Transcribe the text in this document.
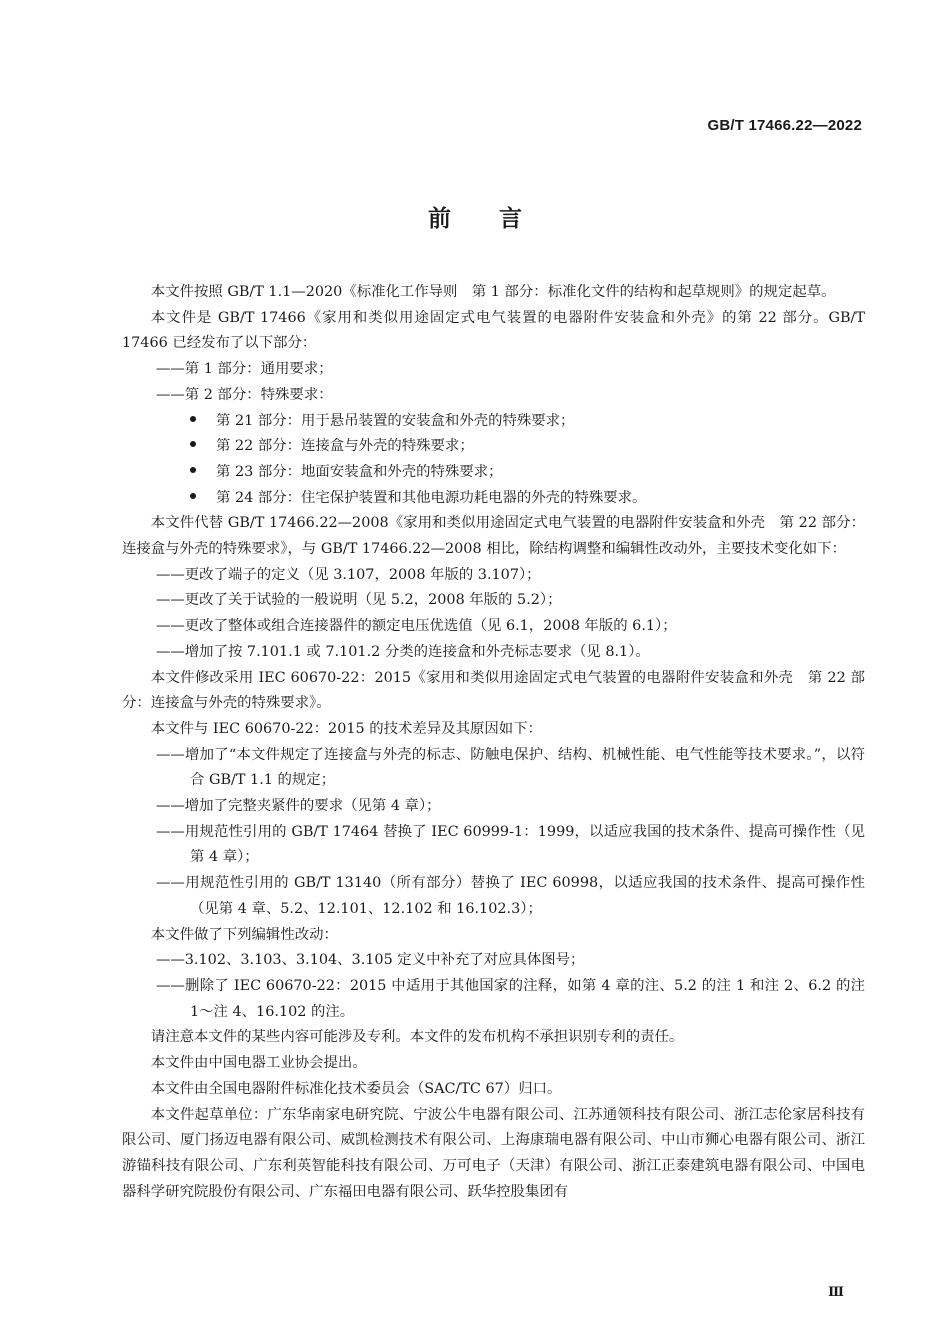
GB/T 17466.22—2022
前言

本文件按照 GB/T 1.1—2020《标准化工作导则　第 1 部分：标准化文件的结构和起草规则》的规定起草。

本文件是 GB/T 17466《家用和类似用途固定式电气装置的电器附件安装盒和外壳》的第 22 部分。GB/T 17466 已经发布了以下部分：

——第 1 部分：通用要求；

——第 2 部分：特殊要求：

第 21 部分：用于悬吊装置的安装盒和外壳的特殊要求；

第 22 部分：连接盒与外壳的特殊要求；

第 23 部分：地面安装盒和外壳的特殊要求；

第 24 部分：住宅保护装置和其他电源功耗电器的外壳的特殊要求。

本文件代替 GB/T 17466.22—2008《家用和类似用途固定式电气装置的电器附件安装盒和外壳　第 22 部分：连接盒与外壳的特殊要求》，与 GB/T 17466.22—2008 相比，除结构调整和编辑性改动外，主要技术变化如下：

——更改了端子的定义（见 3.107，2008 年版的 3.107）；

——更改了关于试验的一般说明（见 5.2，2008 年版的 5.2）；

——更改了整体或组合连接器件的额定电压优选值（见 6.1，2008 年版的 6.1）；

——增加了按 7.101.1 或 7.101.2 分类的连接盒和外壳标志要求（见 8.1）。

本文件修改采用 IEC 60670-22：2015《家用和类似用途固定式电气装置的电器附件安装盒和外壳　第 22 部分：连接盒与外壳的特殊要求》。

本文件与 IEC 60670-22：2015 的技术差异及其原因如下：

——增加了“本文件规定了连接盒与外壳的标志、防触电保护、结构、机械性能、电气性能等技术要求。”，以符合 GB/T 1.1 的规定；

——增加了完整夹紧件的要求（见第 4 章）；

——用规范性引用的 GB/T 17464 替换了 IEC 60999-1：1999，以适应我国的技术条件、提高可操作性（见第 4 章）；

——用规范性引用的 GB/T 13140（所有部分）替换了 IEC 60998，以适应我国的技术条件、提高可操作性（见第 4 章、5.2、12.101、12.102 和 16.102.3）；

本文件做了下列编辑性改动：

——3.102、3.103、3.104、3.105 定义中补充了对应具体图号；

——删除了 IEC 60670-22：2015 中适用于其他国家的注释，如第 4 章的注、5.2 的注 1 和注 2、6.2 的注 1～注 4、16.102 的注。

请注意本文件的某些内容可能涉及专利。本文件的发布机构不承担识别专利的责任。

本文件由中国电器工业协会提出。

本文件由全国电器附件标准化技术委员会（SAC/TC 67）归口。

本文件起草单位：广东华南家电研究院、宁波公牛电器有限公司、江苏通领科技有限公司、浙江志伦家居科技有限公司、厦门扬迈电器有限公司、威凯检测技术有限公司、上海康瑞电器有限公司、中山市狮心电器有限公司、浙江游锚科技有限公司、广东利英智能科技有限公司、万可电子（天津）有限公司、浙江正泰建筑电器有限公司、中国电器科学研究院股份有限公司、广东福田电器有限公司、跃华控股集团有

Ⅲ
